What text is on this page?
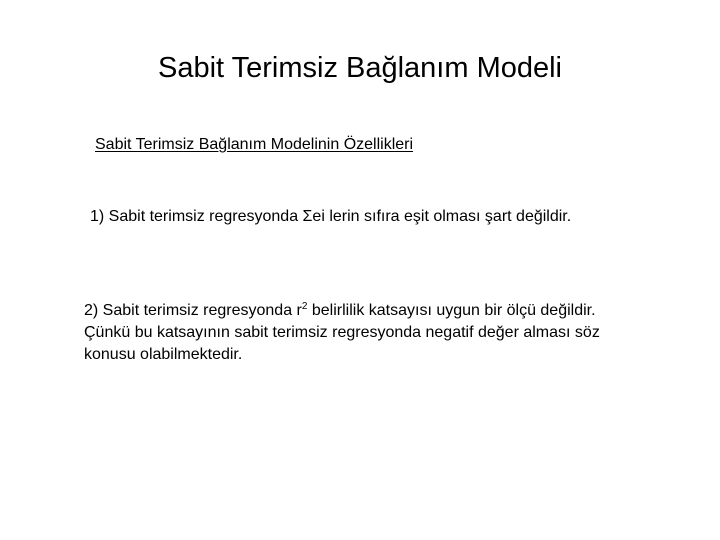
Sabit Terimsiz Bağlanım Modeli
Sabit Terimsiz Bağlanım Modelinin Özellikleri
1) Sabit terimsiz regresyonda Σei lerin sıfıra eşit olması şart değildir.
2) Sabit terimsiz regresyonda $r^2$ belirlilik katsayısı uygun bir ölçü değildir.
Çünkü bu katsayının sabit terimsiz regresyonda negatif değer alması söz
konusu olabilmektedir.
